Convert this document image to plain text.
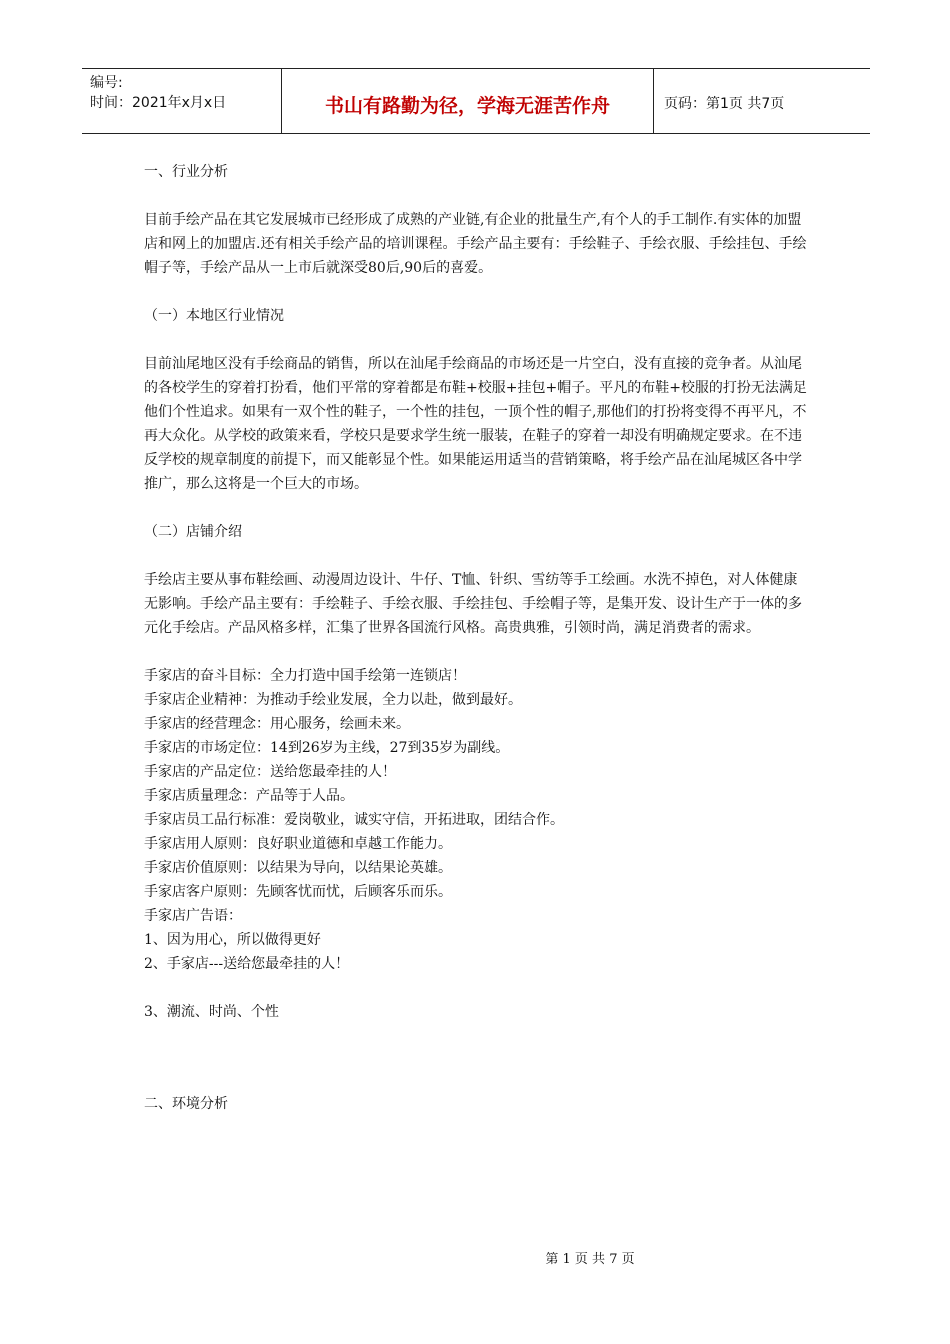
编号:
时间：2021年x月x日	书山有路勤为径，学海无涯苦作舟	页码：第1页 共7页

一、行业分析

目前手绘产品在其它发展城市已经形成了成熟的产业链,有企业的批量生产,有个人的手工制作.有实体的加盟店和网上的加盟店.还有相关手绘产品的培训课程。手绘产品主要有：手绘鞋子、手绘衣服、手绘挂包、手绘帽子等，手绘产品从一上市后就深受80后,90后的喜爱。

（一）本地区行业情况

目前汕尾地区没有手绘商品的销售，所以在汕尾手绘商品的市场还是一片空白，没有直接的竞争者。从汕尾的各校学生的穿着打扮看，他们平常的穿着都是布鞋+校服+挂包+帽子。平凡的布鞋+校服的打扮无法满足他们个性追求。如果有一双个性的鞋子，一个性的挂包，一顶个性的帽子,那他们的打扮将变得不再平凡，不再大众化。从学校的政策来看，学校只是要求学生统一服装，在鞋子的穿着一却没有明确规定要求。在不违反学校的规章制度的前提下，而又能彰显个性。如果能运用适当的营销策略，将手绘产品在汕尾城区各中学推广，那么这将是一个巨大的市场。

（二）店铺介绍

手绘店主要从事布鞋绘画、动漫周边设计、牛仔、T恤、针织、雪纺等手工绘画。水洗不掉色，对人体健康无影响。手绘产品主要有：手绘鞋子、手绘衣服、手绘挂包、手绘帽子等，是集开发、设计生产于一体的多元化手绘店。产品风格多样，汇集了世界各国流行风格。高贵典雅，引领时尚，满足消费者的需求。

手家店的奋斗目标：全力打造中国手绘第一连锁店！

手家店企业精神：为推动手绘业发展，全力以赴，做到最好。

手家店的经营理念：用心服务，绘画未来。

手家店的市场定位：14到26岁为主线，27到35岁为副线。

手家店的产品定位：送给您最牵挂的人！

手家店质量理念：产品等于人品。

手家店员工品行标准：爱岗敬业，诚实守信，开拓进取，团结合作。

手家店用人原则：良好职业道德和卓越工作能力。

手家店价值原则：以结果为导向，以结果论英雄。

手家店客户原则：先顾客忧而忧，后顾客乐而乐。

手家店广告语：

1、因为用心，所以做得更好

2、手家店---送给您最牵挂的人！

3、潮流、时尚、个性

二、环境分析

第 1 页 共 7 页
